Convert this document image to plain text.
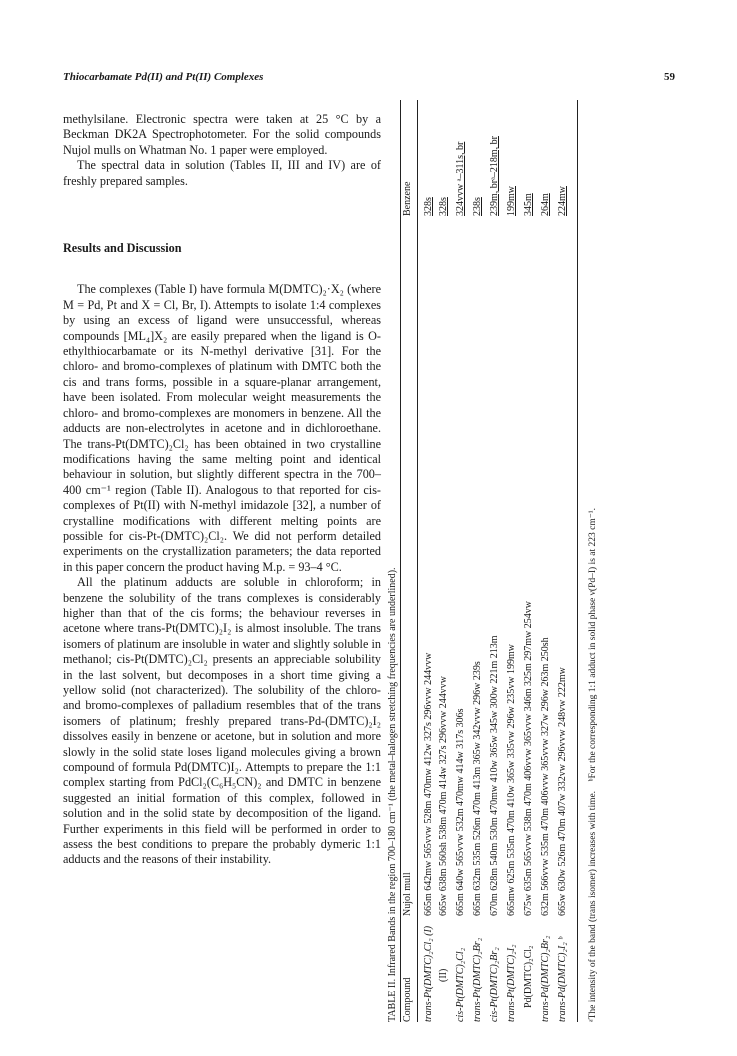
Thiocarbamate Pd(II) and Pt(II) Complexes	59

methylsilane. Electronic spectra were taken at 25 °C by a Beckman DK2A Spectrophotometer. For the solid compounds Nujol mulls on Whatman No. 1 paper were employed.

The spectral data in solution (Tables II, III and IV) are of freshly prepared samples.

Results and Discussion

The complexes (Table I) have formula M(DMTC)₂·X₂ (where M = Pd, Pt and X = Cl, Br, I). Attempts to isolate 1:4 complexes by using an excess of ligand were unsuccessful, whereas compounds [ML₄]X₂ are easily prepared when the ligand is O-ethylthiocarbamate or its N-methyl derivative [31]. For the chloro- and bromo-complexes of platinum with DMTC both the cis and trans forms, possible in a square-planar arrangement, have been isolated. From molecular weight measurements the chloro- and bromo-complexes are monomers in benzene. All the adducts are non-electrolytes in acetone and in dichloroethane. The trans-Pt(DMTC)₂Cl₂ has been obtained in two crystalline modifications having the same melting point and identical behaviour in solution, but slightly different spectra in the 700–400 cm⁻¹ region (Table II). Analogous to that reported for cis-complexes of Pt(II) with N-methyl imidazole [32], a number of crystalline modifications with different melting points are possible for cis-Pt-(DMTC)₂Cl₂. We did not perform detailed experiments on the crystallization parameters; the data reported in this paper concern the product having M.p. = 93–4 °C.

All the platinum adducts are soluble in chloroform; in benzene the solubility of the trans complexes is considerably higher than that of the cis forms; the behaviour reverses in acetone where trans-Pt(DMTC)₂I₂ is almost insoluble. The trans isomers of platinum are insoluble in water and slightly soluble in methanol; cis-Pt(DMTC)₂Cl₂ presents an appreciable solubility in the last solvent, but decomposes in a short time giving a yellow solid (not characterized). The solubility of the chloro- and bromo-complexes of palladium resembles that of the trans isomers of platinum; freshly prepared trans-Pd-(DMTC)₂I₂ dissolves easily in benzene or acetone, but in solution and more slowly in the solid state loses ligand molecules giving a brown compound of formula Pd(DMTC)I₂. Attempts to prepare the 1:1 complex starting from PdCl₂(C₆H₅CN)₂ and DMTC in benzene suggested an initial formation of this complex, followed in solution and in the solid state by decomposition of the ligand. Further experiments in this field will be performed in order to assess the best conditions to prepare the probably dymeric 1:1 adducts and the reasons of their instability.	TABLE II. Infrared Bands in the region 700–180 cm⁻¹ (the metal–halogen stretching frequencies are underlined). Compound
Nujol mull
Benzene
trans-Pt(DMTC)₂Cl₂ (I)
665m 642mw 565vvw 528m 470mw 412w 327s 296vvw 244vvw
328s
(II)
665w 638m 560sh 538m 470m 414w 327s 296vvw 244vvw
328s
cis-Pt(DMTC)₂Cl₂
665m 640w 565vvw 532m 470mw 414w 317s 306s
324vvw ᵃ–311s, br
trans-Pt(DMTC)₂Br₂
665m 632m 535m 526m 470m 413m 365w 342vvw 296w 239s
238s
cis-Pt(DMTC)₂Br₂
670m 628m 540m 530m 470mw 410w 365w 345w 300w 221m 213m
239m, brᵃ–218m, br
trans-Pt(DMTC)₂I₂
665mw 625m 535m 470m 410w 365w 335vw 296w 235vw 199mw
199mw
Pd(DMTC)₂Cl₂
675w 635m 565vvw 538m 470m 406vvw 365vvw 346m 325m 297mw 254vw
345m
trans-Pd(DMTC)₂Br₂
632m 566vvw 535m 470m 406vvw 365vvw 327w 296w 263m 250sh
264m
trans-Pd(DMTC)₂I₂ ᵇ
665w 630w 526m 470m 407w 332vw 296vvw 248vw 222mw
224mw
ᵃThe intensity of the band (trans isomer) increases with time.    ᵇFor the corresponding 1:1 adduct in solid phase ν(Pd–I) is at 223 cm⁻¹.
